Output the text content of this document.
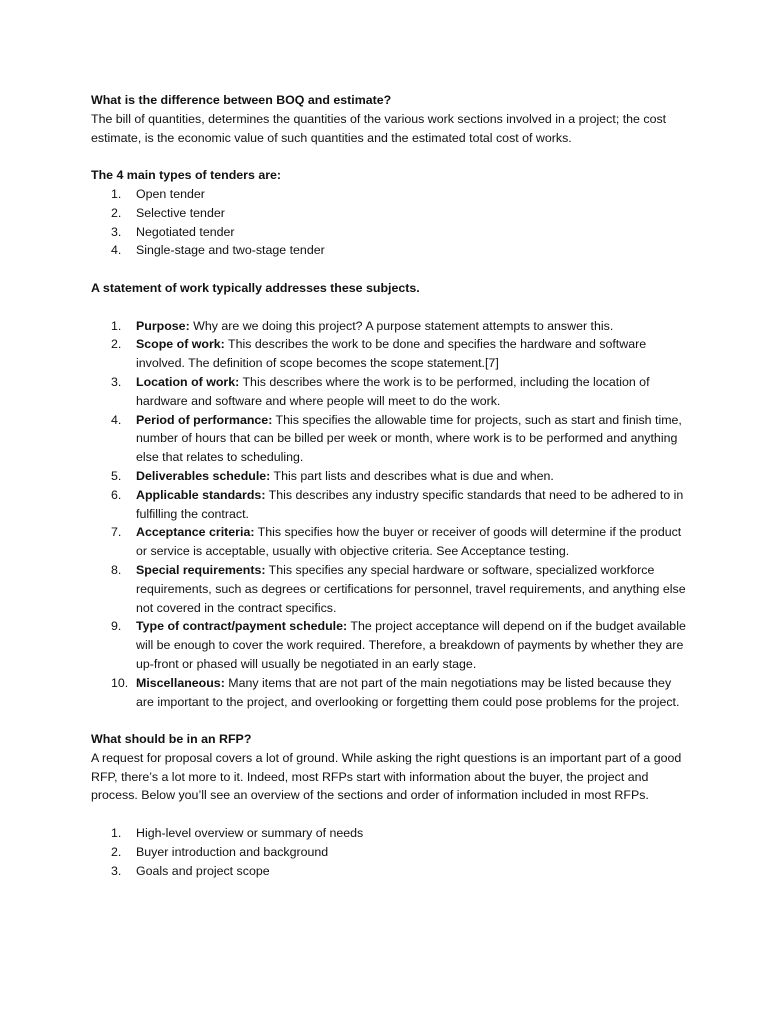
What is the difference between BOQ and estimate?

The bill of quantities, determines the quantities of the various work sections involved in a project; the cost estimate, is the economic value of such quantities and the estimated total cost of works.

The 4 main types of tenders are:

1. Open tender
2. Selective tender
3. Negotiated tender
4. Single-stage and two-stage tender

A statement of work typically addresses these subjects.

1. Purpose: Why are we doing this project? A purpose statement attempts to answer this.
2. Scope of work: This describes the work to be done and specifies the hardware and software involved. The definition of scope becomes the scope statement.[7]
3. Location of work: This describes where the work is to be performed, including the location of hardware and software and where people will meet to do the work.
4. Period of performance: This specifies the allowable time for projects, such as start and finish time, number of hours that can be billed per week or month, where work is to be performed and anything else that relates to scheduling.
5. Deliverables schedule: This part lists and describes what is due and when.
6. Applicable standards: This describes any industry specific standards that need to be adhered to in fulfilling the contract.
7. Acceptance criteria: This specifies how the buyer or receiver of goods will determine if the product or service is acceptable, usually with objective criteria. See Acceptance testing.
8. Special requirements: This specifies any special hardware or software, specialized workforce requirements, such as degrees or certifications for personnel, travel requirements, and anything else not covered in the contract specifics.
9. Type of contract/payment schedule: The project acceptance will depend on if the budget available will be enough to cover the work required. Therefore, a breakdown of payments by whether they are up-front or phased will usually be negotiated in an early stage.
10. Miscellaneous: Many items that are not part of the main negotiations may be listed because they are important to the project, and overlooking or forgetting them could pose problems for the project.

What should be in an RFP?

A request for proposal covers a lot of ground. While asking the right questions is an important part of a good RFP, there’s a lot more to it. Indeed, most RFPs start with information about the buyer, the project and process. Below you’ll see an overview of the sections and order of information included in most RFPs.

1. High-level overview or summary of needs
2. Buyer introduction and background
3. Goals and project scope
